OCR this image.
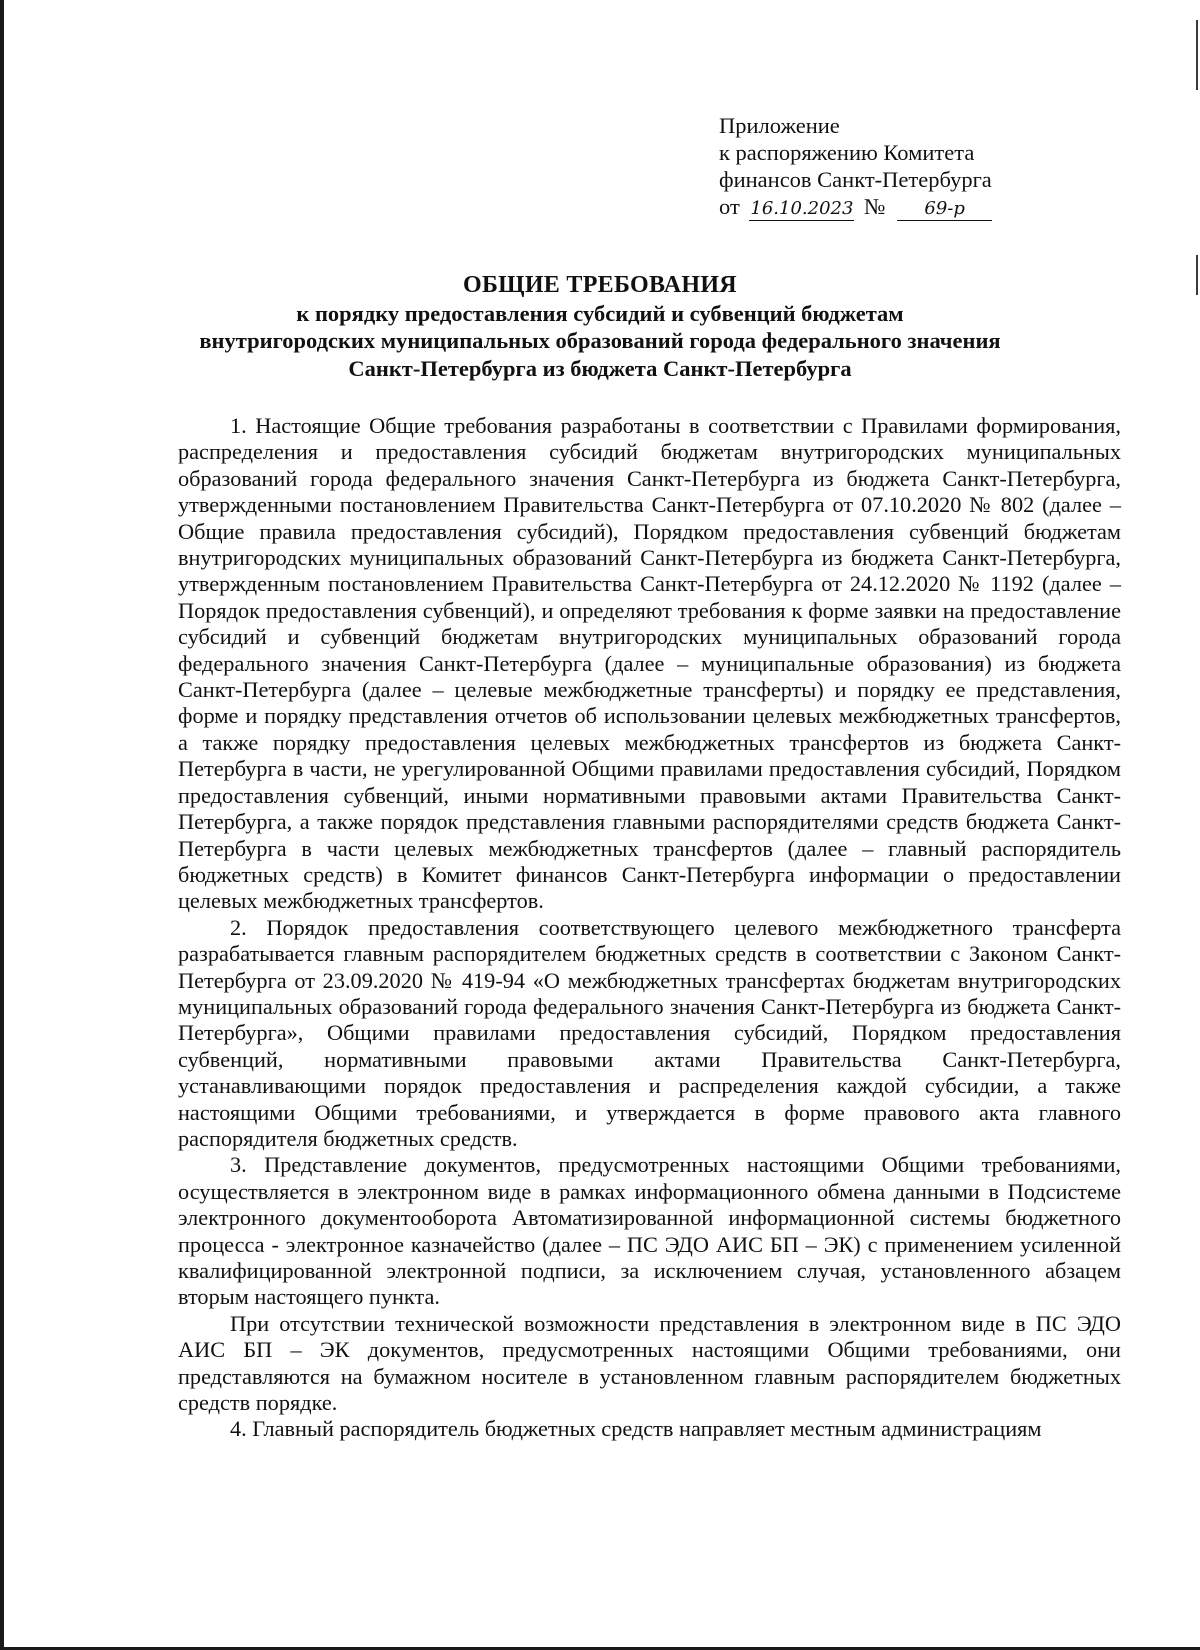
Приложение
к распоряжению Комитета
финансов Санкт-Петербурга
от 16.10.2023 № 69-р
ОБЩИЕ ТРЕБОВАНИЯ
к порядку предоставления субсидий и субвенций бюджетам
внутригородских муниципальных образований города федерального значения
Санкт-Петербурга из бюджета Санкт-Петербурга

1. Настоящие Общие требования разработаны в соответствии с Правилами формирования, распределения и предоставления субсидий бюджетам внутригородских муниципальных образований города федерального значения Санкт-Петербурга из бюджета Санкт-Петербурга, утвержденными постановлением Правительства Санкт-Петербурга от 07.10.2020 № 802 (далее – Общие правила предоставления субсидий), Порядком предоставления субвенций бюджетам внутригородских муниципальных образований Санкт-Петербурга из бюджета Санкт-Петербурга, утвержденным постановлением Правительства Санкт-Петербурга от 24.12.2020 № 1192 (далее – Порядок предоставления субвенций), и определяют требования к форме заявки на предоставление субсидий и субвенций бюджетам внутригородских муниципальных образований города федерального значения Санкт-Петербурга (далее – муниципальные образования) из бюджета Санкт-Петербурга (далее – целевые межбюджетные трансферты) и порядку ее представления, форме и порядку представления отчетов об использовании целевых межбюджетных трансфертов, а также порядку предоставления целевых межбюджетных трансфертов из бюджета Санкт-Петербурга в части, не урегулированной Общими правилами предоставления субсидий, Порядком предоставления субвенций, иными нормативными правовыми актами Правительства Санкт-Петербурга, а также порядок представления главными распорядителями средств бюджета Санкт-Петербурга в части целевых межбюджетных трансфертов (далее – главный распорядитель бюджетных средств) в Комитет финансов Санкт-Петербурга информации о предоставлении целевых межбюджетных трансфертов.

2. Порядок предоставления соответствующего целевого межбюджетного трансферта разрабатывается главным распорядителем бюджетных средств в соответствии с Законом Санкт-Петербурга от 23.09.2020 № 419-94 «О межбюджетных трансфертах бюджетам внутригородских муниципальных образований города федерального значения Санкт-Петербурга из бюджета Санкт-Петербурга», Общими правилами предоставления субсидий, Порядком предоставления субвенций, нормативными правовыми актами Правительства Санкт-Петербурга, устанавливающими порядок предоставления и распределения каждой субсидии, а также настоящими Общими требованиями, и утверждается в форме правового акта главного распорядителя бюджетных средств.

3. Представление документов, предусмотренных настоящими Общими требованиями, осуществляется в электронном виде в рамках информационного обмена данными в Подсистеме электронного документооборота Автоматизированной информационной системы бюджетного процесса - электронное казначейство (далее – ПС ЭДО АИС БП – ЭК) с применением усиленной квалифицированной электронной подписи, за исключением случая, установленного абзацем вторым настоящего пункта.

При отсутствии технической возможности представления в электронном виде в ПС ЭДО АИС БП – ЭК документов, предусмотренных настоящими Общими требованиями, они представляются на бумажном носителе в установленном главным распорядителем бюджетных средств порядке.

4. Главный распорядитель бюджетных средств направляет местным администрациям
